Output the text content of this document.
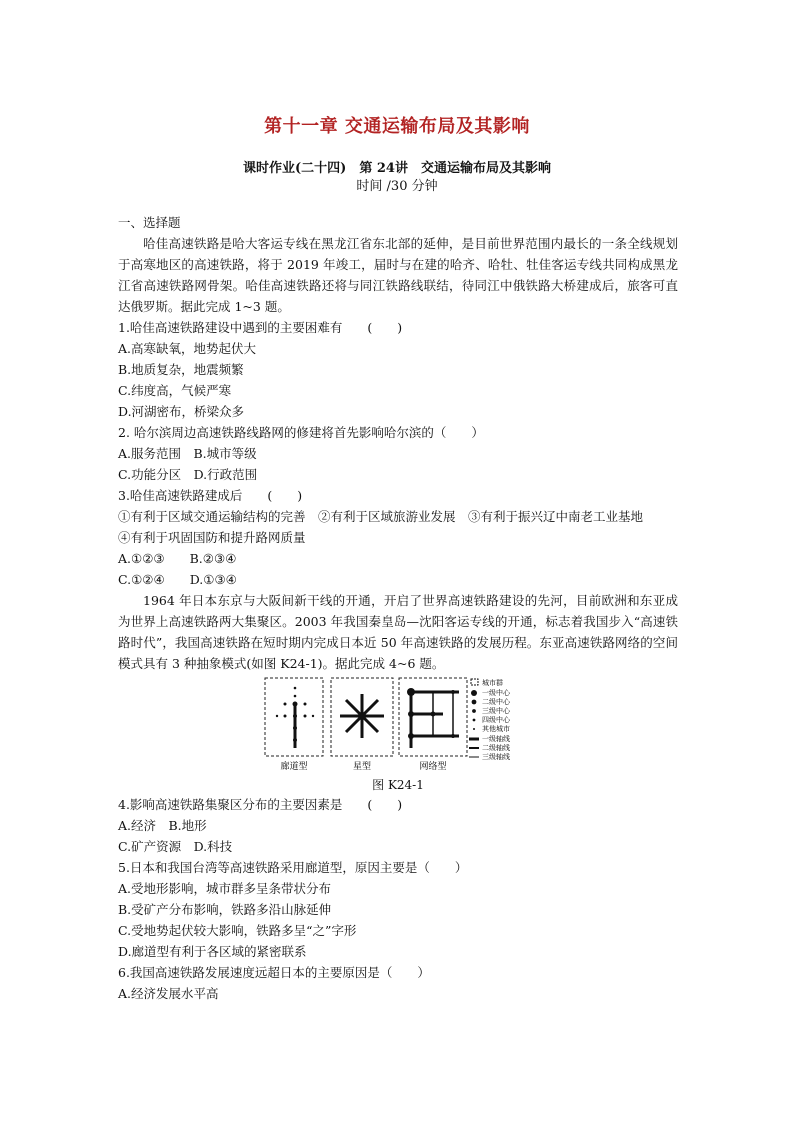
第十一章 交通运输布局及其影响
课时作业(二十四)　第 24讲　交通运输布局及其影响
时间 /30 分钟

一、选择题

哈佳高速铁路是哈大客运专线在黑龙江省东北部的延伸，是目前世界范围内最长的一条全线规划于高寒地区的高速铁路，将于 2019 年竣工，届时与在建的哈齐、哈牡、牡佳客运专线共同构成黑龙江省高速铁路网骨架。哈佳高速铁路还将与同江铁路线联结，待同江中俄铁路大桥建成后，旅客可直达俄罗斯。据此完成 1~3 题。

1.哈佳高速铁路建设中遇到的主要困难有　　(　　)

A.高寒缺氧，地势起伏大

B.地质复杂，地震频繁

C.纬度高，气候严寒

D.河湖密布，桥梁众多

2. 哈尔滨周边高速铁路线路网的修建将首先影响哈尔滨的（　　）

A.服务范围　B.城市等级

C.功能分区　D.行政范围

3.哈佳高速铁路建成后　　(　　)

①有利于区域交通运输结构的完善　②有利于区域旅游业发展　③有利于振兴辽中南老工业基地

④有利于巩固国防和提升路网质量

A.①②③　　B.②③④

C.①②④　　D.①③④

1964 年日本东京与大阪间新干线的开通，开启了世界高速铁路建设的先河，目前欧洲和东亚成为世界上高速铁路两大集聚区。2003 年我国秦皇岛—沈阳客运专线的开通，标志着我国步入“高速铁路时代”，我国高速铁路在短时期内完成日本近 50 年高速铁路的发展历程。东亚高速铁路网络的空间模式具有 3 种抽象模式(如图 K24-1)。据此完成 4~6 题。

廊道型	星型	网络型
城市群
一级中心
二级中心
三级中心
四级中心
其他城市
一级轴线
二级轴线
三级轴线

图 K24-1

4.影响高速铁路集聚区分布的主要因素是　　(　　)

A.经济　B.地形

C.矿产资源　D.科技

5.日本和我国台湾等高速铁路采用廊道型，原因主要是（　　）

A.受地形影响，城市群多呈条带状分布

B.受矿产分布影响，铁路多沿山脉延伸

C.受地势起伏较大影响，铁路多呈“之”字形

D.廊道型有利于各区域的紧密联系

6.我国高速铁路发展速度远超日本的主要原因是（　　）

A.经济发展水平高
